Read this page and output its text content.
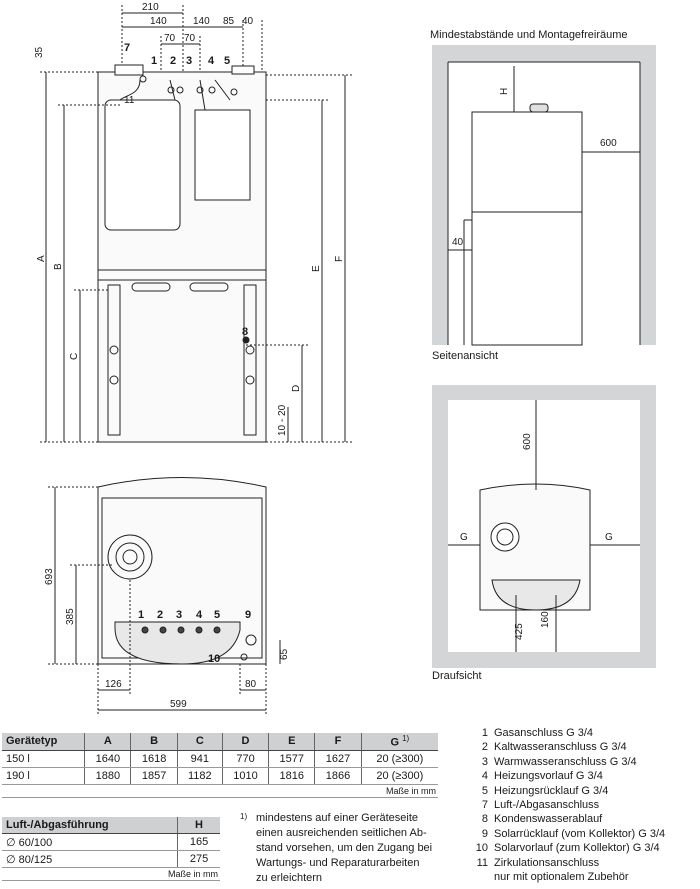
210
140	140
70 70
85 40
35	7
1 2 3 4 5
11
8
A
B
C
D
10 - 20
E
F
693
385
126
599
80
65
1 2 3 4 5 9
10
H
600
40
600
G	G
425
160
Mindestabstände und Montagefreiräume
Seitenansicht
Draufsicht
Gerätetyp	A	B	C	D	E	F	G $^{1)}$
150 l	1640	1618	941	770	1577	1627	20 (≥300)
190 l	1880	1857	1182	1010	1816	1866	20 (≥300)
Maße in mm
Luft-/Abgasführung	H
∅ 60/100	165
∅ 80/125	275
Maße in mm
1) mindestens auf einer Geräteseite
einen ausreichenden seitlichen Ab-
stand vorsehen, um den Zugang bei
Wartungs- und Reparaturarbeiten
zu erleichtern
1 Gasanschluss G 3/4
2 Kaltwasseranschluss G 3/4
3 Warmwasseranschluss G 3/4
4 Heizungsvorlauf G 3/4
5 Heizungsrücklauf G 3/4
7 Luft-/Abgasanschluss
8 Kondenswasserablauf
9 Solarrücklauf (vom Kollektor) G 3/4
10 Solarvorlauf (zum Kollektor) G 3/4
11 Zirkulationsanschluss
nur mit optionalem Zubehör
